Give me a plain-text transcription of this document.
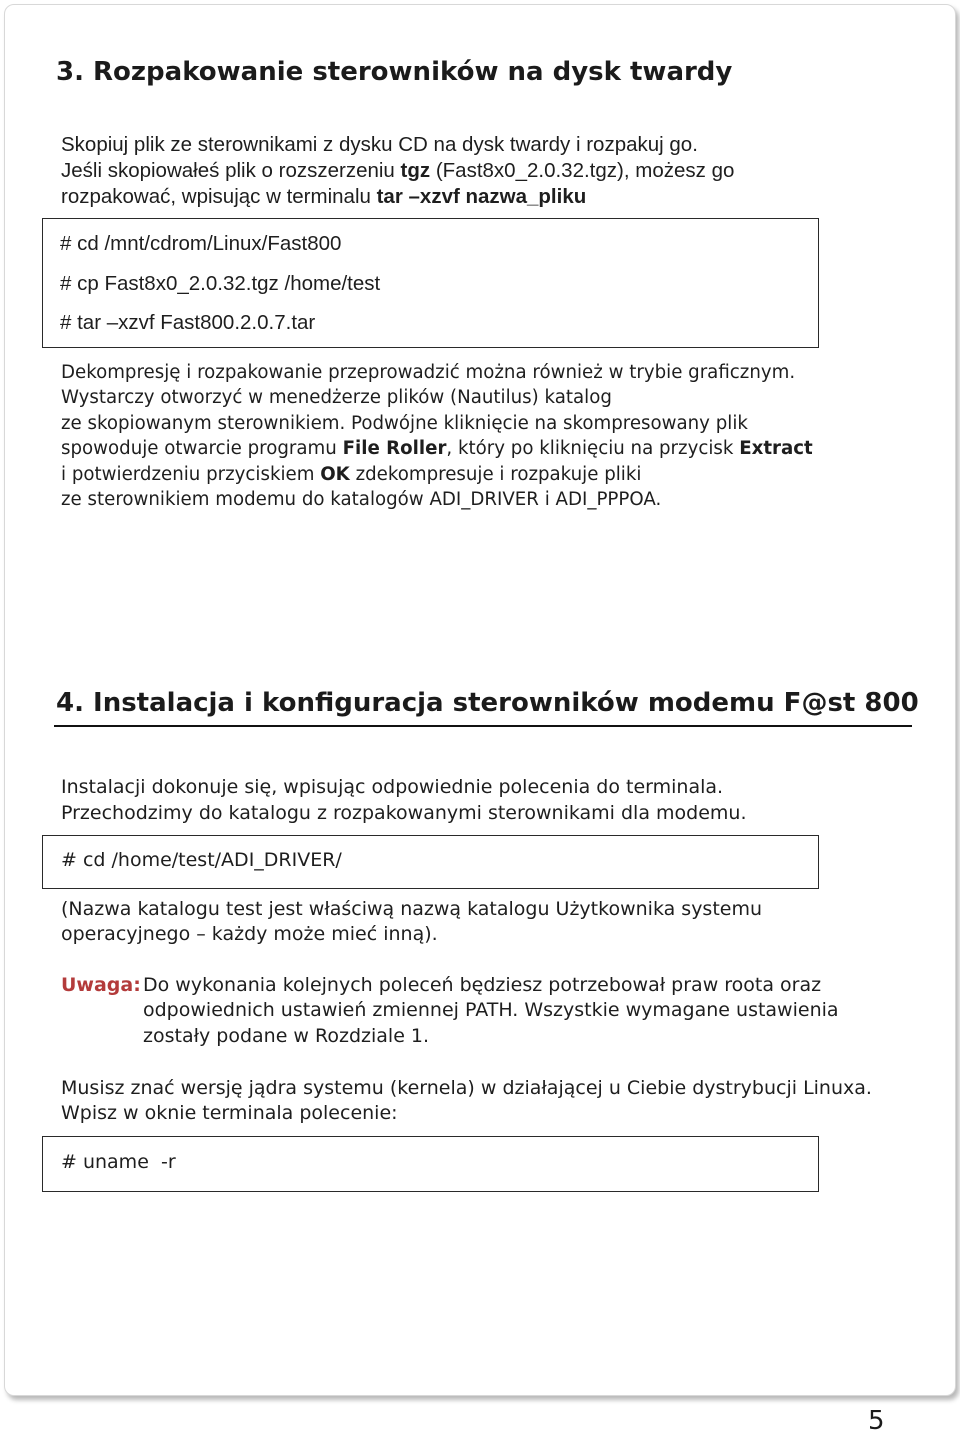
3. Rozpakowanie sterowników na dysk twardy

Skopiuj plik ze sterownikami z dysku CD na dysk twardy i rozpakuj go.

Jeśli skopiowałeś plik o rozszerzeniu tgz (Fast8x0_2.0.32.tgz), możesz go

rozpakować, wpisując w terminalu tar –xzvf nazwa_pliku

# cd /mnt/cdrom/Linux/Fast800

# cp Fast8x0_2.0.32.tgz /home/test

# tar –xzvf Fast800.2.0.7.tar

Dekompresję i rozpakowanie przeprowadzić można również w trybie graficznym.

Wystarczy otworzyć w menedżerze plików (Nautilus) katalog

ze skopiowanym sterownikiem. Podwójne kliknięcie na skompresowany plik

spowoduje otwarcie programu File Roller, który po kliknięciu na przycisk Extract

i potwierdzeniu przyciskiem OK zdekompresuje i rozpakuje pliki

ze sterownikiem modemu do katalogów ADI_DRIVER i ADI_PPPOA.

4. Instalacja i konfiguracja sterowników modemu F@st 800

Instalacji dokonuje się, wpisując odpowiednie polecenia do terminala.

Przechodzimy do katalogu z rozpakowanymi sterownikami dla modemu.

# cd /home/test/ADI_DRIVER/

(Nazwa katalogu test jest właściwą nazwą katalogu Użytkownika systemu

operacyjnego – każdy może mieć inną).

Uwaga: Do wykonania kolejnych poleceń będziesz potrzebował praw roota oraz

odpowiednich ustawień zmiennej PATH. Wszystkie wymagane ustawienia

zostały podane w Rozdziale 1.

Musisz znać wersję jądra systemu (kernela) w działającej u Ciebie dystrybucji Linuxa.

Wpisz w oknie terminala polecenie:

# uname  -r

5
